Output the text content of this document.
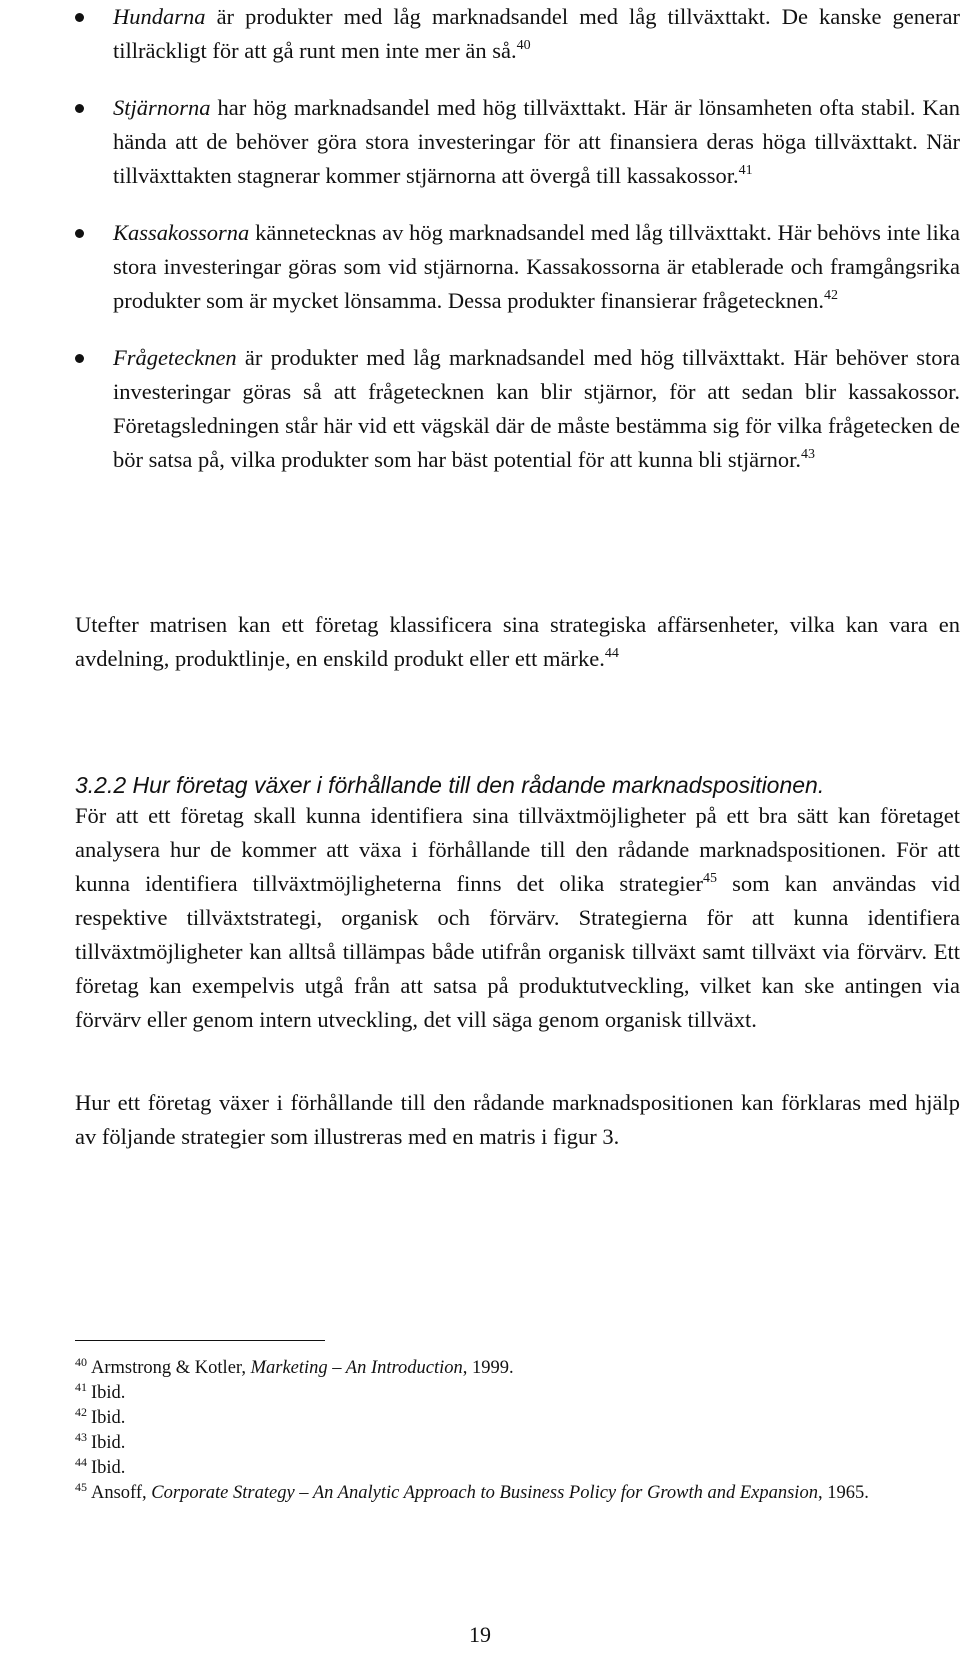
Hundarna är produkter med låg marknadsandel med låg tillväxttakt. De kanske generar tillräckligt för att gå runt men inte mer än så.$^{40}$
Stjärnorna har hög marknadsandel med hög tillväxttakt. Här är lönsamheten ofta stabil. Kan hända att de behöver göra stora investeringar för att finansiera deras höga tillväxttakt. När tillväxttakten stagnerar kommer stjärnorna att övergå till kassakossor.$^{41}$
Kassakossorna kännetecknas av hög marknadsandel med låg tillväxttakt. Här behövs inte lika stora investeringar göras som vid stjärnorna. Kassakossorna är etablerade och framgångsrika produkter som är mycket lönsamma. Dessa produkter finansierar frågetecknen.$^{42}$
Frågetecknen är produkter med låg marknadsandel med hög tillväxttakt. Här behöver stora investeringar göras så att frågetecknen kan blir stjärnor, för att sedan blir kassakossor. Företagsledningen står här vid ett vägskäl där de måste bestämma sig för vilka frågetecken de bör satsa på, vilka produkter som har bäst potential för att kunna bli stjärnor.$^{43}$

Utefter matrisen kan ett företag klassificera sina strategiska affärsenheter, vilka kan vara en avdelning, produktlinje, en enskild produkt eller ett märke.$^{44}$

3.2.2 Hur företag växer i förhållande till den rådande marknadspositionen.

För att ett företag skall kunna identifiera sina tillväxtmöjligheter på ett bra sätt kan företaget analysera hur de kommer att växa i förhållande till den rådande marknadspositionen. För att kunna identifiera tillväxtmöjligheterna finns det olika strategier$^{45}$ som kan användas vid respektive tillväxtstrategi, organisk och förvärv. Strategierna för att kunna identifiera tillväxtmöjligheter kan alltså tillämpas både utifrån organisk tillväxt samt tillväxt via förvärv. Ett företag kan exempelvis utgå från att satsa på produktutveckling, vilket kan ske antingen via förvärv eller genom intern utveckling, det vill säga genom organisk tillväxt.

Hur ett företag växer i förhållande till den rådande marknadspositionen kan förklaras med hjälp av följande strategier som illustreras med en matris i figur 3.

$^{40}$ Armstrong & Kotler, Marketing – An Introduction, 1999.
$^{41}$ Ibid.
$^{42}$ Ibid.
$^{43}$ Ibid.
$^{44}$ Ibid.
$^{45}$ Ansoff, Corporate Strategy – An Analytic Approach to Business Policy for Growth and Expansion, 1965.
19
